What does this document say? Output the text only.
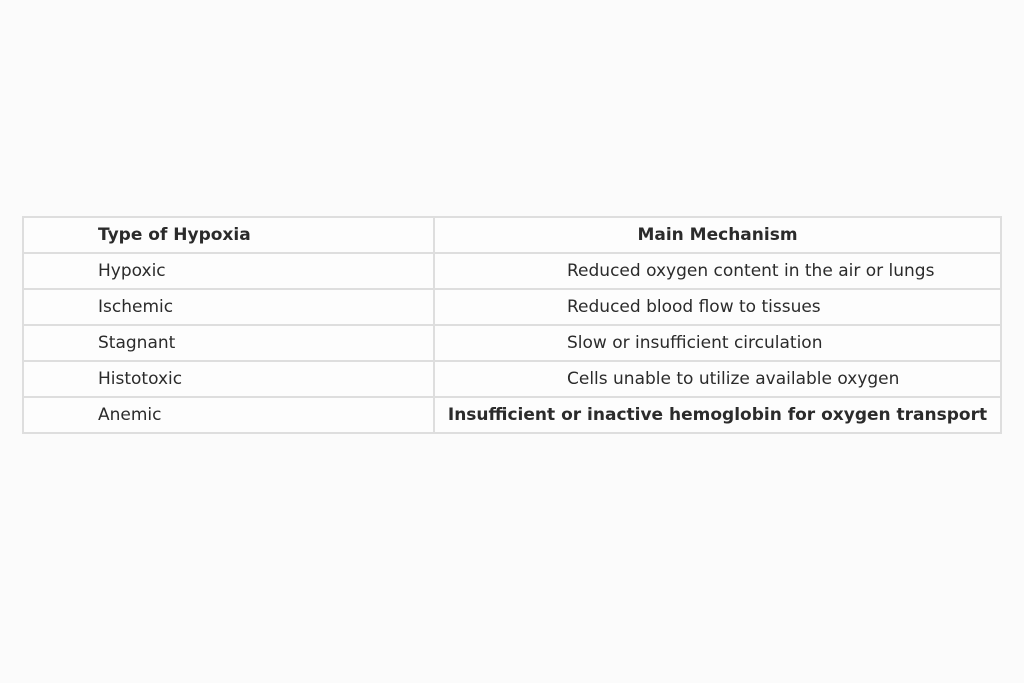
Type of Hypoxia	Main Mechanism
Hypoxic	Reduced oxygen content in the air or lungs
Ischemic	Reduced blood flow to tissues
Stagnant	Slow or insufficient circulation
Histotoxic	Cells unable to utilize available oxygen
Anemic	Insufficient or inactive hemoglobin for oxygen transport
